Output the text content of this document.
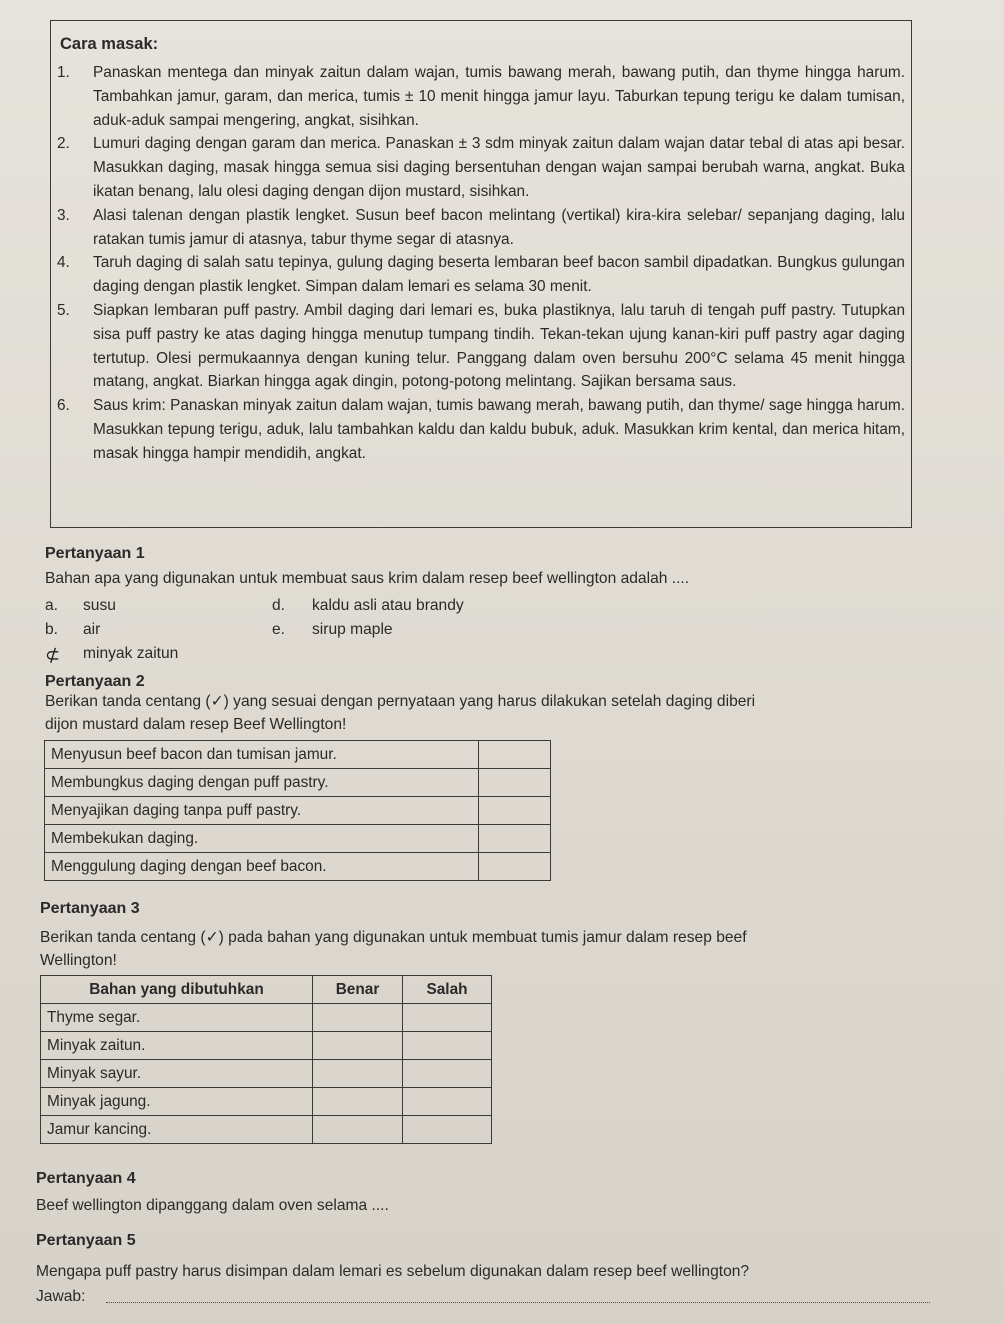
Cara masak:
1.	Panaskan mentega dan minyak zaitun dalam wajan, tumis bawang merah, bawang putih, dan thyme hingga harum. Tambahkan jamur, garam, dan merica, tumis ± 10 menit hingga jamur layu. Taburkan tepung terigu ke dalam tumisan, aduk-aduk sampai mengering, angkat, sisihkan.
2.	Lumuri daging dengan garam dan merica. Panaskan ± 3 sdm minyak zaitun dalam wajan datar tebal di atas api besar. Masukkan daging, masak hingga semua sisi daging bersentuhan dengan wajan sampai berubah warna, angkat. Buka ikatan benang, lalu olesi daging dengan dijon mustard, sisihkan.
3.	Alasi talenan dengan plastik lengket. Susun beef bacon melintang (vertikal) kira-kira selebar/ sepanjang daging, lalu ratakan tumis jamur di atasnya, tabur thyme segar di atasnya.
4.	Taruh daging di salah satu tepinya, gulung daging beserta lembaran beef bacon sambil dipadatkan. Bungkus gulungan daging dengan plastik lengket. Simpan dalam lemari es selama 30 menit.
5.	Siapkan lembaran puff pastry. Ambil daging dari lemari es, buka plastiknya, lalu taruh di tengah puff pastry. Tutupkan sisa puff pastry ke atas daging hingga menutup tumpang tindih. Tekan-tekan ujung kanan-kiri puff pastry agar daging tertutup. Olesi permukaannya dengan kuning telur. Panggang dalam oven bersuhu 200°C selama 45 menit hingga matang, angkat. Biarkan hingga agak dingin, potong-potong melintang. Sajikan bersama saus.
6.	Saus krim: Panaskan minyak zaitun dalam wajan, tumis bawang merah, bawang putih, dan thyme/ sage hingga harum. Masukkan tepung terigu, aduk, lalu tambahkan kaldu dan kaldu bubuk, aduk. Masukkan krim kental, dan merica hitam, masak hingga hampir mendidih, angkat.
Pertanyaan 1
Bahan apa yang digunakan untuk membuat saus krim dalam resep beef wellington adalah ....
a. susu
b. air
minyak zaitun
⊄
d. kaldu asli atau brandy
e. sirup maple
Pertanyaan 2
Berikan tanda centang (✓) yang sesuai dengan pernyataan yang harus dilakukan setelah daging diberi
dijon mustard dalam resep Beef Wellington!
Menyusun beef bacon dan tumisan jamur.	
Membungkus daging dengan puff pastry.	
Menyajikan daging tanpa puff pastry.	
Membekukan daging.	
Menggulung daging dengan beef bacon.	
Pertanyaan 3
Berikan tanda centang (✓) pada bahan yang digunakan untuk membuat tumis jamur dalam resep beef
Wellington!
Bahan yang dibutuhkan	Benar	Salah
Thyme segar.		
Minyak zaitun.		
Minyak sayur.		
Minyak jagung.		
Jamur kancing.		
Pertanyaan 4
Beef wellington dipanggang dalam oven selama ....
Pertanyaan 5
Mengapa puff pastry harus disimpan dalam lemari es sebelum digunakan dalam resep beef wellington?
Jawab:
